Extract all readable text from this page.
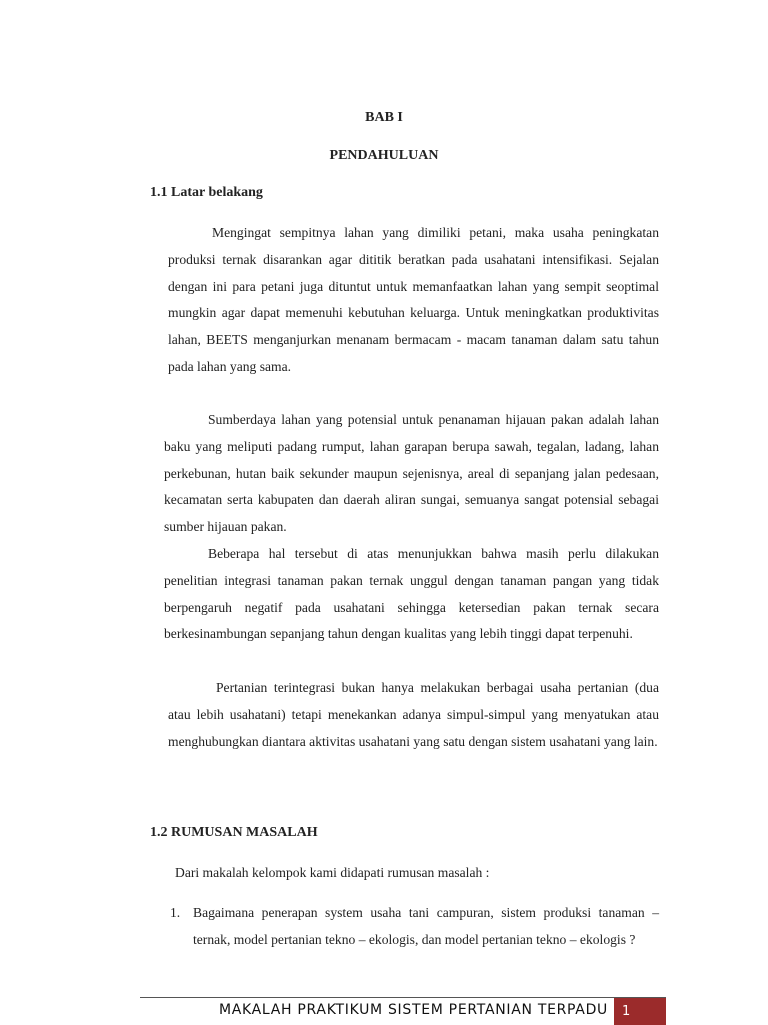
BAB I
PENDAHULUAN
1.1 Latar belakang

Mengingat sempitnya lahan yang dimiliki petani, maka usaha peningkatan produksi ternak disarankan agar dititik beratkan pada usahatani intensifikasi. Sejalan dengan ini para petani juga dituntut untuk memanfaatkan lahan yang sempit seoptimal mungkin agar dapat memenuhi kebutuhan keluarga. Untuk meningkatkan produktivitas lahan, BEETS menganjurkan menanam bermacam - macam tanaman dalam satu tahun pada lahan yang sama.

Sumberdaya lahan yang potensial untuk penanaman hijauan pakan adalah lahan baku yang meliputi padang rumput, lahan garapan berupa sawah, tegalan, ladang, lahan perkebunan, hutan baik sekunder maupun sejenisnya, areal di sepanjang jalan pedesaan, kecamatan serta kabupaten dan daerah aliran sungai, semuanya sangat potensial sebagai sumber hijauan pakan.

Beberapa hal tersebut di atas menunjukkan bahwa masih perlu dilakukan penelitian integrasi tanaman pakan ternak unggul dengan tanaman pangan yang tidak berpengaruh negatif pada usahatani sehingga ketersedian pakan ternak secara berkesinambungan sepanjang tahun dengan kualitas yang lebih tinggi dapat terpenuhi.

Pertanian terintegrasi bukan hanya melakukan berbagai usaha pertanian (dua atau lebih usahatani) tetapi menekankan adanya simpul-simpul yang menyatukan atau menghubungkan diantara aktivitas usahatani yang satu dengan sistem usahatani yang lain.

1.2 RUMUSAN MASALAH
Dari makalah kelompok kami didapati rumusan masalah :
1. Bagaimana penerapan system usaha tani campuran, sistem produksi tanaman – ternak, model pertanian tekno – ekologis, dan model pertanian tekno – ekologis ?
MAKALAH PRAKTIKUM SISTEM PERTANIAN TERPADU 1
